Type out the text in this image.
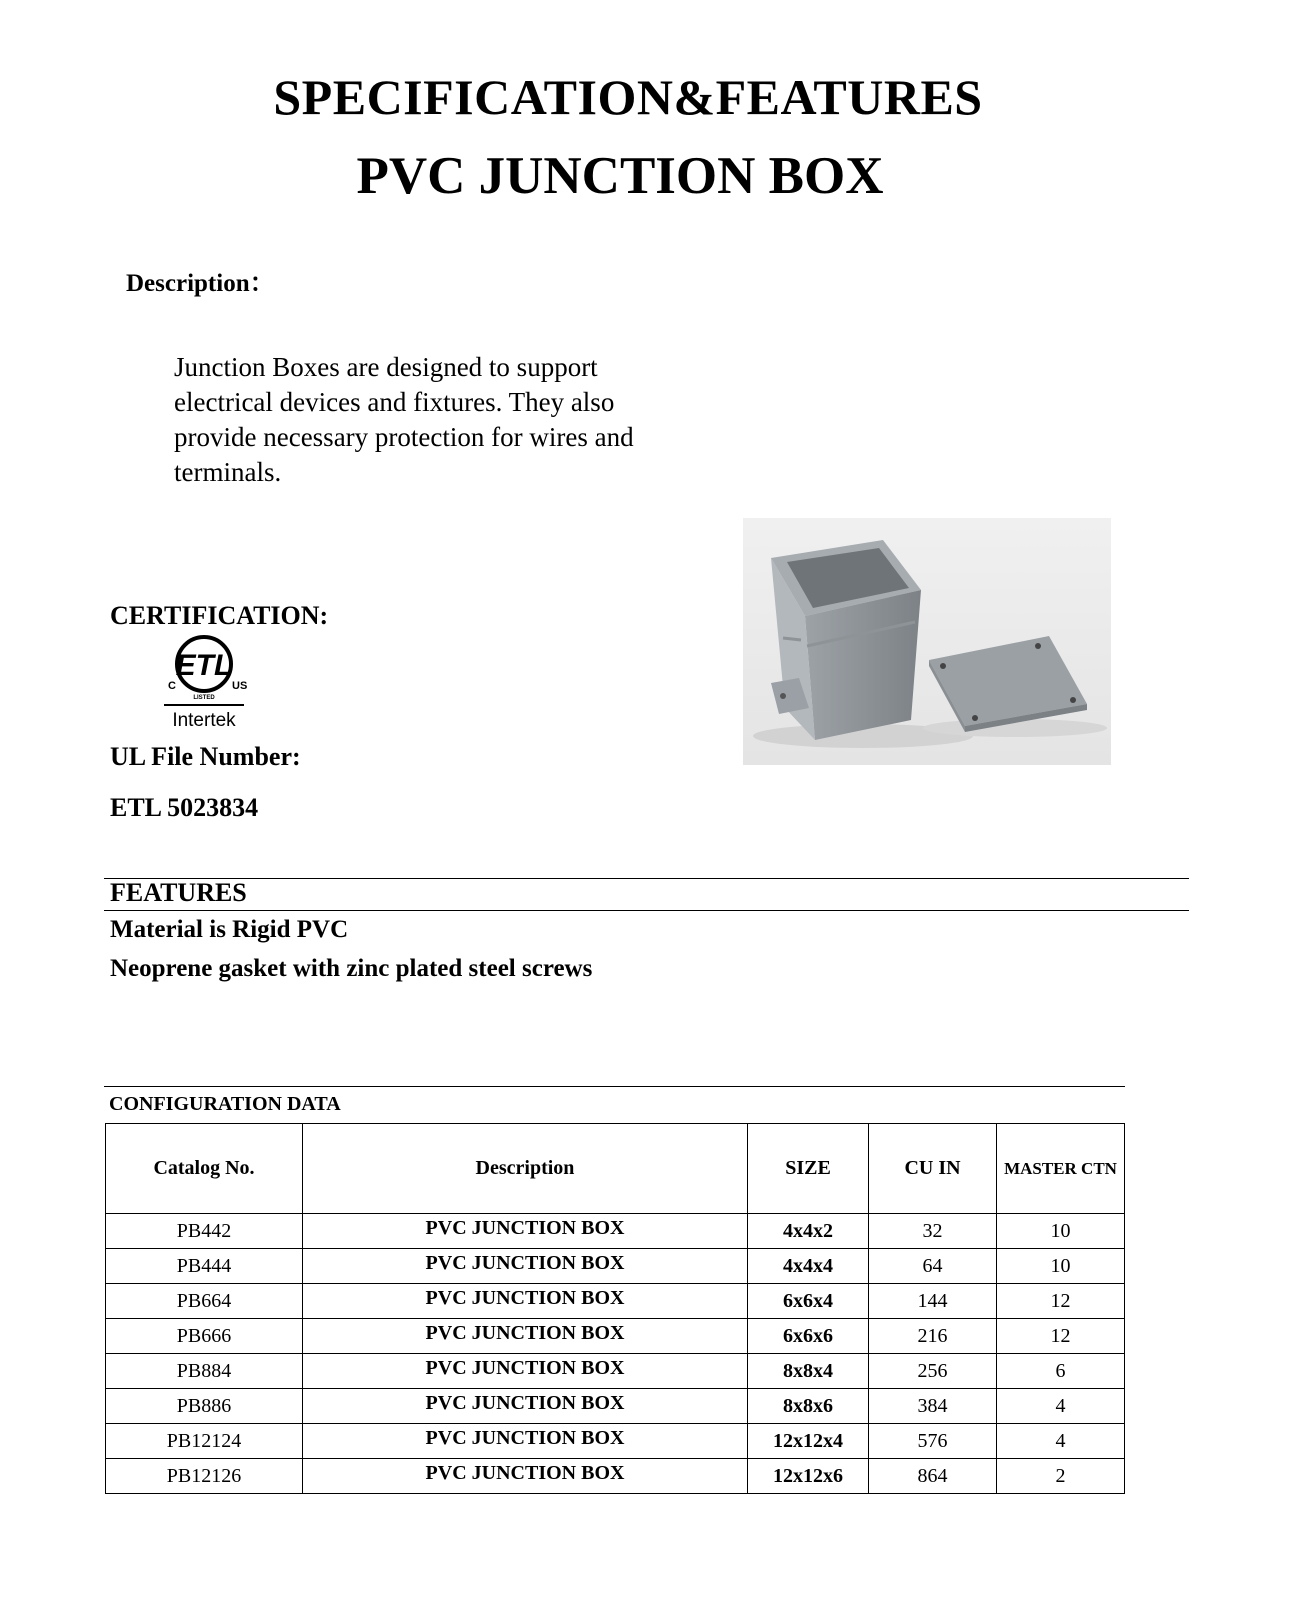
SPECIFICATION&FEATURES
PVC JUNCTION BOX
Description：
Junction Boxes are designed to support electrical devices and fixtures. They also provide necessary protection for wires and terminals.
CERTIFICATION:
ETL
C	US
LISTED
Intertek
UL File Number:
ETL 5023834
FEATURES
Material is Rigid PVC
Neoprene gasket with zinc plated steel screws
CONFIGURATION DATA
Catalog No.	Description	SIZE	CU IN	MASTER CTN
PB442	PVC JUNCTION BOX	4x4x2	32	10
PB444	PVC JUNCTION BOX	4x4x4	64	10
PB664	PVC JUNCTION BOX	6x6x4	144	12
PB666	PVC JUNCTION BOX	6x6x6	216	12
PB884	PVC JUNCTION BOX	8x8x4	256	6
PB886	PVC JUNCTION BOX	8x8x6	384	4
PB12124	PVC JUNCTION BOX	12x12x4	576	4
PB12126	PVC JUNCTION BOX	12x12x6	864	2
